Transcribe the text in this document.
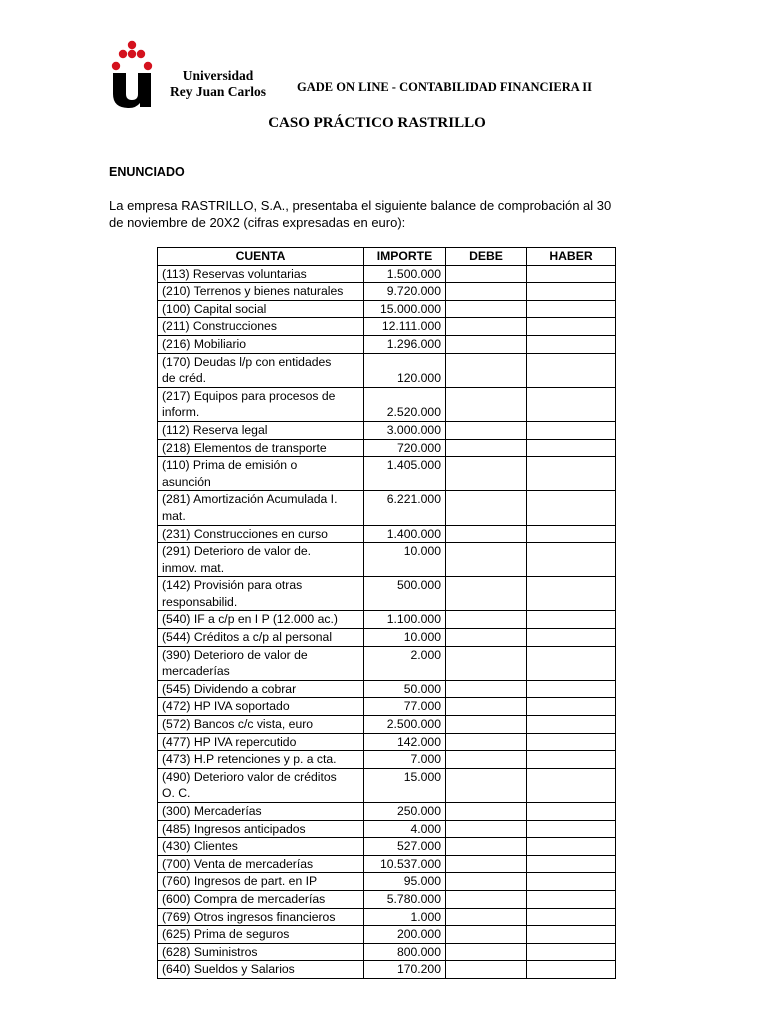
Universidad
Rey Juan Carlos GADE ON LINE - CONTABILIDAD FINANCIERA II
CASO PRÁCTICO RASTRILLO
ENUNCIADO
La empresa RASTRILLO, S.A., presentaba el siguiente balance de comprobación al 30 de noviembre de 20X2 (cifras expresadas en euro):
CUENTA	IMPORTE	DEBE	HABER

(113) Reservas voluntarias	1.500.000		

(210) Terrenos y bienes naturales	9.720.000		

(100) Capital social	15.000.000		

(211) Construcciones	12.111.000		

(216) Mobiliario	1.296.000		

(170) Deudas l/p con entidades
de créd.	120.000		

(217) Equipos para procesos de
inform.	2.520.000		

(112) Reserva legal	3.000.000		

(218) Elementos de transporte	720.000		

(110) Prima de emisión o
asunción	1.405.000		

(281) Amortización Acumulada I.
mat.	6.221.000		

(231) Construcciones en curso	1.400.000		

(291) Deterioro de valor de.
inmov. mat.	10.000		

(142) Provisión para otras
responsabilid.	500.000		

(540) IF a c/p en I P (12.000 ac.)	1.100.000		

(544) Créditos a c/p al personal	10.000		

(390) Deterioro de valor de
mercaderías	2.000		

(545) Dividendo a cobrar	50.000		

(472) HP IVA soportado	77.000		

(572) Bancos c/c vista, euro	2.500.000		

(477) HP IVA repercutido	142.000		

(473) H.P retenciones y p. a cta.	7.000		

(490) Deterioro valor de créditos
O. C.	15.000		

(300) Mercaderías	250.000		

(485) Ingresos anticipados	4.000		

(430) Clientes	527.000		

(700) Venta de mercaderías	10.537.000		

(760) Ingresos de part. en IP	95.000		

(600) Compra de mercaderías	5.780.000		

(769) Otros ingresos financieros	1.000		

(625) Prima de seguros	200.000		

(628) Suministros	800.000		

(640) Sueldos y Salarios	170.200		
